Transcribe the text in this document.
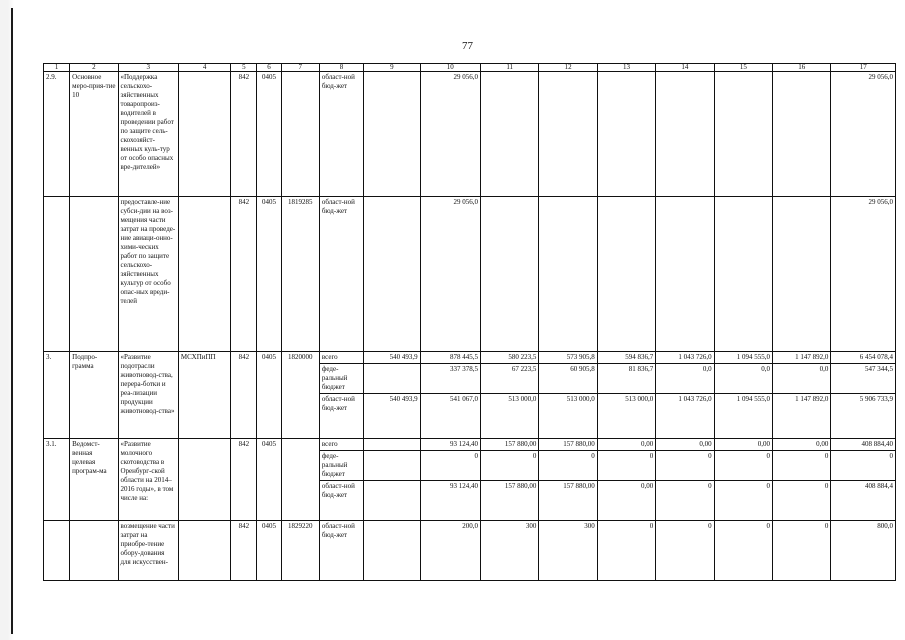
77
1	2	3	4	5	6	7	8	9	10	11	12	13	14	15	16	17
2.9.	Основное меро-прия-тие 10	«Поддержка сельскохо-зяйственных товаропроиз-водителей в проведении работ по защите сель-скохозяйст-венных куль-тур от особо опасных вре-дителей»		842	0405		област-ной бюд-жет		29 056,0							29 056,0
		предоставле-ние субси-дии на воз-мещения части затрат на проведе-ние авиаци-онно-хими-ческих работ по защите сельскохо-зяйственных культур от особо опас-ных вреди-телей		842	0405	1819285	област-ной бюд-жет		29 056,0							29 056,0
3.	Подпро-грамма	«Развитие подотрасли животновод-ства, перера-ботки и реа-лизации продукции животновод-ства»	МСХПиПП	842	0405	1820000	всего	540 493,9	878 445,5	580 223,5	573 905,8	594 836,7	1 043 726,0	1 094 555,0	1 147 892,0	6 454 078,4
							феде-ральный бюджет		337 378,5	67 223,5	60 905,8	81 836,7	0,0	0,0	0,0	547 344,5
							област-ной бюд-жет	540 493,9	541 067,0	513 000,0	513 000,0	513 000,0	1 043 726,0	1 094 555,0	1 147 892,0	5 906 733,9
3.1.	Ведомст-венная целевая програм-ма	«Развитие молочного скотоводства в Оренбург-ской области на 2014–2016 годы», в том числе на:		842	0405		всего		93 124,40	157 880,00	157 880,00	0,00	0,00	0,00	0,00	408 884,40
							феде-ральный бюджет		0	0	0	0	0	0	0	0
							област-ной бюд-жет		93 124,40	157 880,00	157 880,00	0,00	0	0	0	408 884,4
		возмещение части затрат на приобре-тение обору-дования для искусствен-		842	0405	1829220	област-ной бюд-жет		200,0	300	300	0	0	0	0	800,0
